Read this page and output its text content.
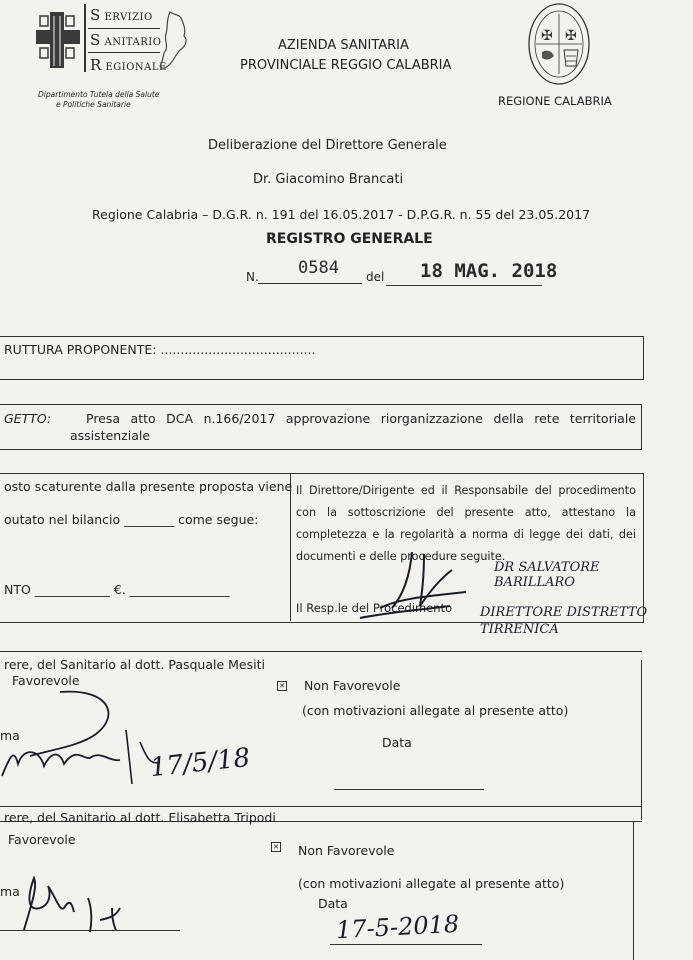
S ERVIZIO
S ANITARIO
R EGIONALE
Dipartimento Tutela della Salute
e Politiche Sanitarie
AZIENDA SANITARIA
PROVINCIALE REGGIO CALABRIA
✠ ✠
REGIONE CALABRIA
Deliberazione del Direttore Generale
Dr. Giacomino Brancati
Regione Calabria – D.G.R. n. 191 del 16.05.2017 - D.P.G.R. n. 55 del 23.05.2017
REGISTRO GENERALE
N. 0584 del 18 MAG. 2018
RUTTURA PROPONENTE: .......................................
GETTO:	Presa atto DCA n.166/2017 approvazione riorganizzazione della rete territoriale
assistenziale
osto scaturente dalla presente proposta viene
outato nel bilancio ________ come segue:
NTO ____________ €. ________________
Il Direttore/Dirigente ed il Responsabile del procedimento
con la sottoscrizione del presente atto, attestano la
completezza e la regolarità a norma di legge dei dati, dei
documenti e delle procedure seguite.
Il Resp.le del Procedimento
DR SALVATORE BARILLARO
DIRETTORE DISTRETTO TIRRENICA
rere, del Sanitario al dott. Pasquale Mesiti
Favorevole	✕ Non Favorevole
(con motivazioni allegate al presente atto)
ma	Data
17/5/18
rere, del Sanitario al dott. Elisabetta Tripodi
Favorevole	✕ Non Favorevole
(con motivazioni allegate al presente atto)
ma
Data
17-5-2018
